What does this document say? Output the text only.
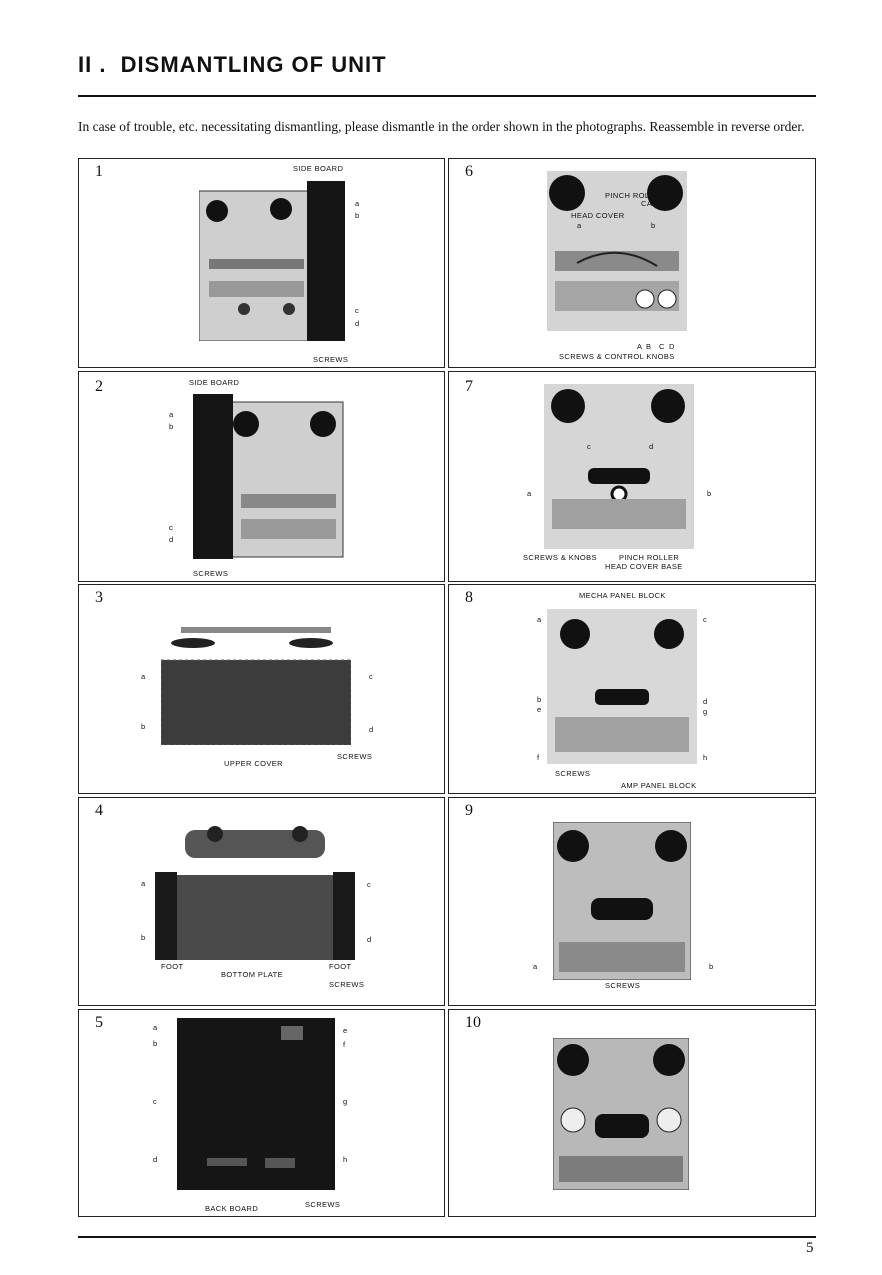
II .  DISMANTLING OF UNIT
In case of trouble, etc. necessitating dismantling, please dismantle in the order shown in the photographs. Reassemble in reverse order.
1	SIDE BOARD
a
b
c
d
SCREWS
6
PINCH ROLLER
CAP
HEAD COVER
a	b
A B C D
SCREWS & CONTROL KNOBS
2	SIDE BOARD
a
b
c
d
SCREWS
7
c	d
a	b
SCREWS & KNOBS	PINCH ROLLER
HEAD COVER BASE
3
a
b
c
d
UPPER COVER
SCREWS
8	MECHA PANEL BLOCK
a	c
b
e
d
g
f	h
SCREWS
AMP PANEL BLOCK
4
a
b
c
d
FOOT	FOOT
BOTTOM PLATE
SCREWS
9
a	b
SCREWS
5	a
b
c
d
e
f
g
h
BACK BOARD	SCREWS
10
5
